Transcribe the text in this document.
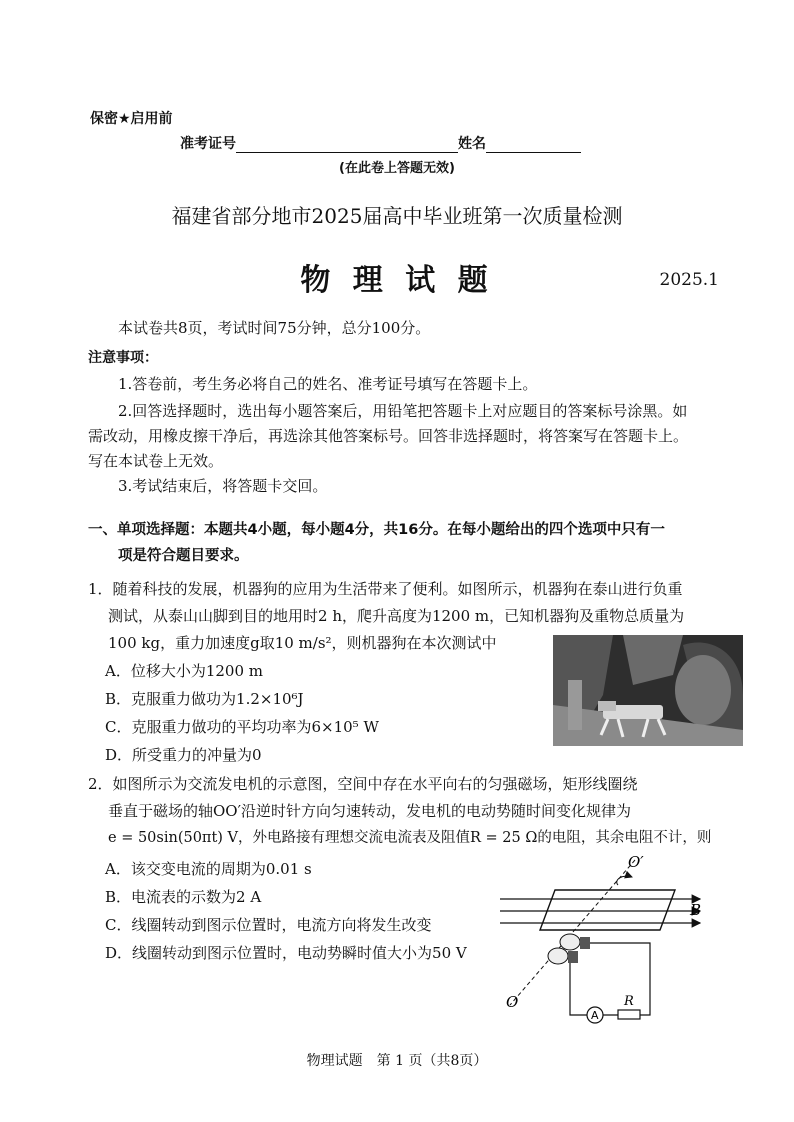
保密★启用前
准考证号	姓名
(在此卷上答题无效)
福建省部分地市2025届高中毕业班第一次质量检测
物 理 试 题	2025.1
本试卷共8页，考试时间75分钟，总分100分。
注意事项：
1.答卷前，考生务必将自己的姓名、准考证号填写在答题卡上。
2.回答选择题时，选出每小题答案后，用铅笔把答题卡上对应题目的答案标号涂黑。如
需改动，用橡皮擦干净后，再选涂其他答案标号。回答非选择题时，将答案写在答题卡上。
写在本试卷上无效。
3.考试结束后，将答题卡交回。
一、单项选择题：本题共4小题，每小题4分，共16分。在每小题给出的四个选项中只有一
项是符合题目要求。
1．随着科技的发展，机器狗的应用为生活带来了便利。如图所示，机器狗在泰山进行负重
测试，从泰山山脚到目的地用时2 h，爬升高度为1200 m，已知机器狗及重物总质量为
100 kg，重力加速度g取10 m/s²，则机器狗在本次测试中
A．位移大小为1200 m
B．克服重力做功为1.2×10⁶J
C．克服重力做功的平均功率为6×10⁵ W
D．所受重力的冲量为0
2．如图所示为交流发电机的示意图，空间中存在水平向右的匀强磁场，矩形线圈绕
垂直于磁场的轴OO′沿逆时针方向匀速转动，发电机的电动势随时间变化规律为
e = 50sin(50πt) V，外电路接有理想交流电流表及阻值R = 25 Ω的电阻，其余电阻不计，则
A．该交变电流的周期为0.01 s
B．电流表的示数为2 A
C．线圈转动到图示位置时，电流方向将发生改变
D．线圈转动到图示位置时，电动势瞬时值大小为50 V
A
R
O′
O
B
物理试题　第 1 页（共8页）
